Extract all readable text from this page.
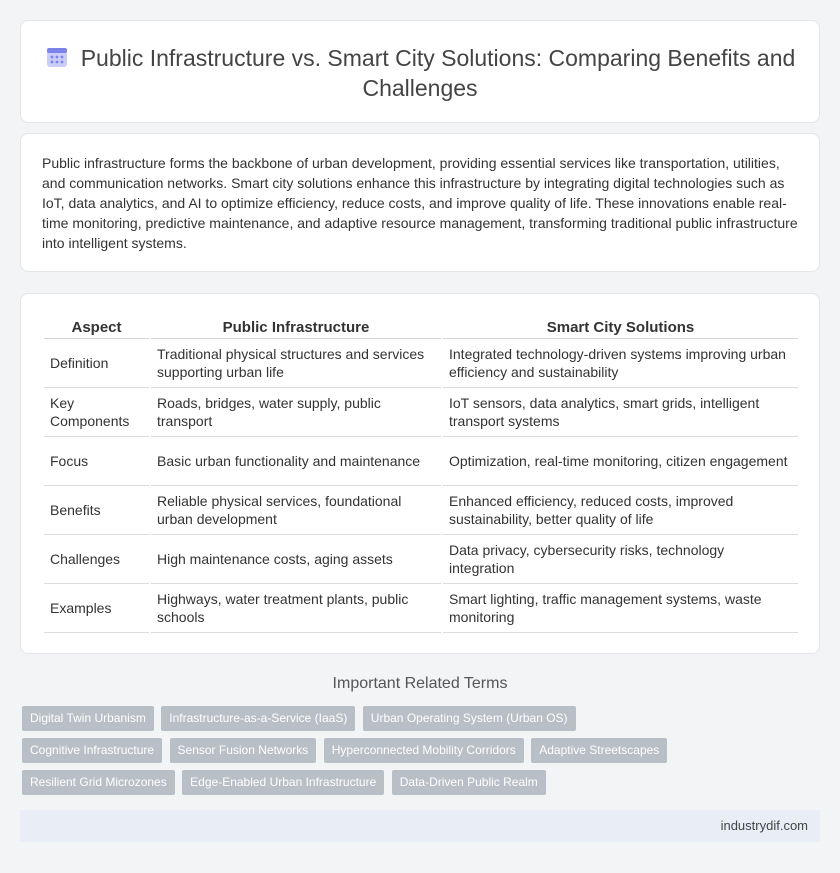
Public Infrastructure vs. Smart City Solutions: Comparing Benefits and Challenges

Public infrastructure forms the backbone of urban development, providing essential services like transportation, utilities, and communication networks. Smart city solutions enhance this infrastructure by integrating digital technologies such as IoT, data analytics, and AI to optimize efficiency, reduce costs, and improve quality of life. These innovations enable real-time monitoring, predictive maintenance, and adaptive resource management, transforming traditional public infrastructure into intelligent systems.

Aspect	Public Infrastructure	Smart City Solutions
Definition	Traditional physical structures and services supporting urban life	Integrated technology-driven systems improving urban efficiency and sustainability
Key Components	Roads, bridges, water supply, public transport	IoT sensors, data analytics, smart grids, intelligent transport systems
Focus	Basic urban functionality and maintenance	Optimization, real-time monitoring, citizen engagement
Benefits	Reliable physical services, foundational urban development	Enhanced efficiency, reduced costs, improved sustainability, better quality of life
Challenges	High maintenance costs, aging assets	Data privacy, cybersecurity risks, technology integration
Examples	Highways, water treatment plants, public schools	Smart lighting, traffic management systems, waste monitoring
Important Related Terms
Digital Twin Urbanism Infrastructure-as-a-Service (IaaS) Urban Operating System (Urban OS) Cognitive Infrastructure Sensor Fusion Networks Hyperconnected Mobility Corridors Adaptive Streetscapes Resilient Grid Microzones Edge-Enabled Urban Infrastructure Data-Driven Public Realm
industrydif.com
